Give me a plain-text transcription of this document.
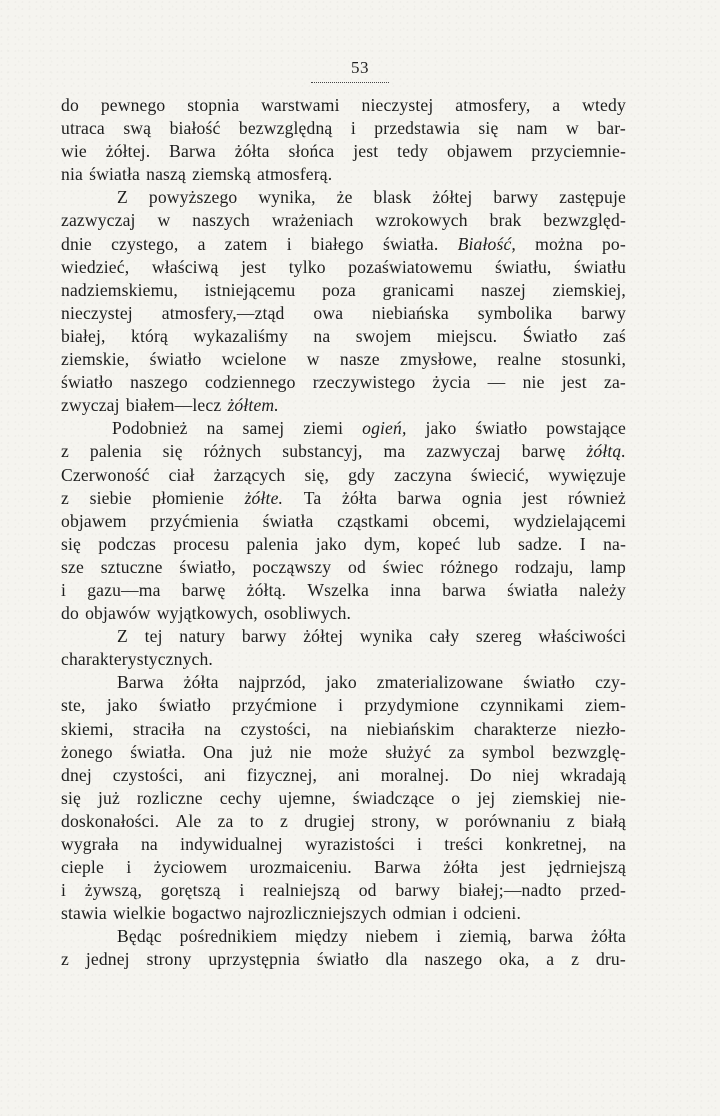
53
do pewnego stopnia warstwami nieczystej atmosfery, a wtedy
utraca swą białość bezwzględną i przedstawia się nam w bar-
wie żółtej. Barwa żółta słońca jest tedy objawem przyciemnie-
nia światła naszą ziemską atmosferą.
Z powyższego wynika, że blask żółtej barwy zastępuje
zazwyczaj w naszych wrażeniach wzrokowych brak bezwzględ-
dnie czystego, a zatem i białego światła. Białość, można po-
wiedzieć, właściwą jest tylko pozaświatowemu światłu, światłu
nadziemskiemu, istniejącemu poza granicami naszej ziemskiej,
nieczystej atmosfery,—ztąd owa niebiańska symbolika barwy
białej, którą wykazaliśmy na swojem miejscu. Światło zaś
ziemskie, światło wcielone w nasze zmysłowe, realne stosunki,
światło naszego codziennego rzeczywistego życia — nie jest za-
zwyczaj białem—lecz żółtem.
Podobnież na samej ziemi ogień, jako światło powstające
z palenia się różnych substancyj, ma zazwyczaj barwę żółtą.
Czerwoność ciał żarzących się, gdy zaczyna świecić, wywięzuje
z siebie płomienie żółte. Ta żółta barwa ognia jest również
objawem przyćmienia światła cząstkami obcemi, wydzielającemi
się podczas procesu palenia jako dym, kopeć lub sadze. I na-
sze sztuczne światło, począwszy od świec różnego rodzaju, lamp
i gazu—ma barwę żółtą. Wszelka inna barwa światła należy
do objawów wyjątkowych, osobliwych.
Z tej natury barwy żółtej wynika cały szereg właściwości
charakterystycznych.
Barwa żółta najprzód, jako zmaterializowane światło czy-
ste, jako światło przyćmione i przydymione czynnikami ziem-
skiemi, straciła na czystości, na niebiańskim charakterze niezło-
żonego światła. Ona już nie może służyć za symbol bezwzglę-
dnej czystości, ani fizycznej, ani moralnej. Do niej wkradają
się już rozliczne cechy ujemne, świadczące o jej ziemskiej nie-
doskonałości. Ale za to z drugiej strony, w porównaniu z białą
wygrała na indywidualnej wyrazistości i treści konkretnej, na
cieple i życiowem urozmaiceniu. Barwa żółta jest jędrniejszą
i żywszą, gorętszą i realniejszą od barwy białej;—nadto przed-
stawia wielkie bogactwo najrozliczniejszych odmian i odcieni.
Będąc pośrednikiem między niebem i ziemią, barwa żółta
z jednej strony uprzystępnia światło dla naszego oka, a z dru-
